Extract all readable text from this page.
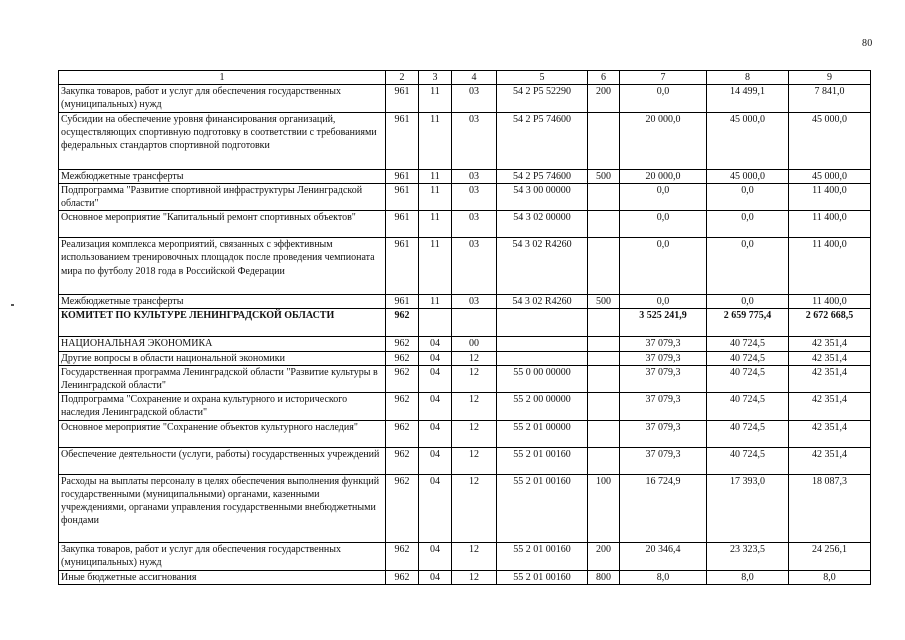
80
1	2	3	4	5	6	7	8	9
Закупка товаров, работ и услуг для обеспечения государственных (муниципальных) нужд	961	11	03	54 2 P5 52290	200	0,0	14 499,1	7 841,0
Субсидии на обеспечение уровня финансирования организаций, осуществляющих спортивную подготовку в соответствии с требованиями федеральных стандартов спортивной подготовки	961	11	03	54 2 P5 74600		20 000,0	45 000,0	45 000,0
Межбюджетные трансферты	961	11	03	54 2 P5 74600	500	20 000,0	45 000,0	45 000,0
Подпрограмма "Развитие спортивной инфраструктуры Ленинградской области"	961	11	03	54 3 00 00000		0,0	0,0	11 400,0
Основное мероприятие "Капитальный ремонт спортивных объектов"	961	11	03	54 3 02 00000		0,0	0,0	11 400,0
Реализация комплекса мероприятий, связанных с эффективным использованием тренировочных площадок после проведения чемпионата мира по футболу 2018 года в Российской Федерации	961	11	03	54 3 02 R4260		0,0	0,0	11 400,0
Межбюджетные трансферты	961	11	03	54 3 02 R4260	500	0,0	0,0	11 400,0
КОМИТЕТ ПО КУЛЬТУРЕ ЛЕНИНГРАДСКОЙ ОБЛАСТИ	962					3 525 241,9	2 659 775,4	2 672 668,5
НАЦИОНАЛЬНАЯ ЭКОНОМИКА	962	04	00			37 079,3	40 724,5	42 351,4
Другие вопросы в области национальной экономики	962	04	12			37 079,3	40 724,5	42 351,4
Государственная программа Ленинградской области "Развитие культуры в Ленинградской области"	962	04	12	55 0 00 00000		37 079,3	40 724,5	42 351,4
Подпрограмма "Сохранение и охрана культурного и исторического наследия Ленинградской области"	962	04	12	55 2 00 00000		37 079,3	40 724,5	42 351,4
Основное мероприятие "Сохранение объектов культурного наследия"	962	04	12	55 2 01 00000		37 079,3	40 724,5	42 351,4
Обеспечение деятельности (услуги, работы) государственных учреждений	962	04	12	55 2 01 00160		37 079,3	40 724,5	42 351,4
Расходы на выплаты персоналу в целях обеспечения выполнения функций государственными (муниципальными) органами, казенными учреждениями, органами управления государственными внебюджетными фондами	962	04	12	55 2 01 00160	100	16 724,9	17 393,0	18 087,3
Закупка товаров, работ и услуг для обеспечения государственных (муниципальных) нужд	962	04	12	55 2 01 00160	200	20 346,4	23 323,5	24 256,1
Иные бюджетные ассигнования	962	04	12	55 2 01 00160	800	8,0	8,0	8,0
